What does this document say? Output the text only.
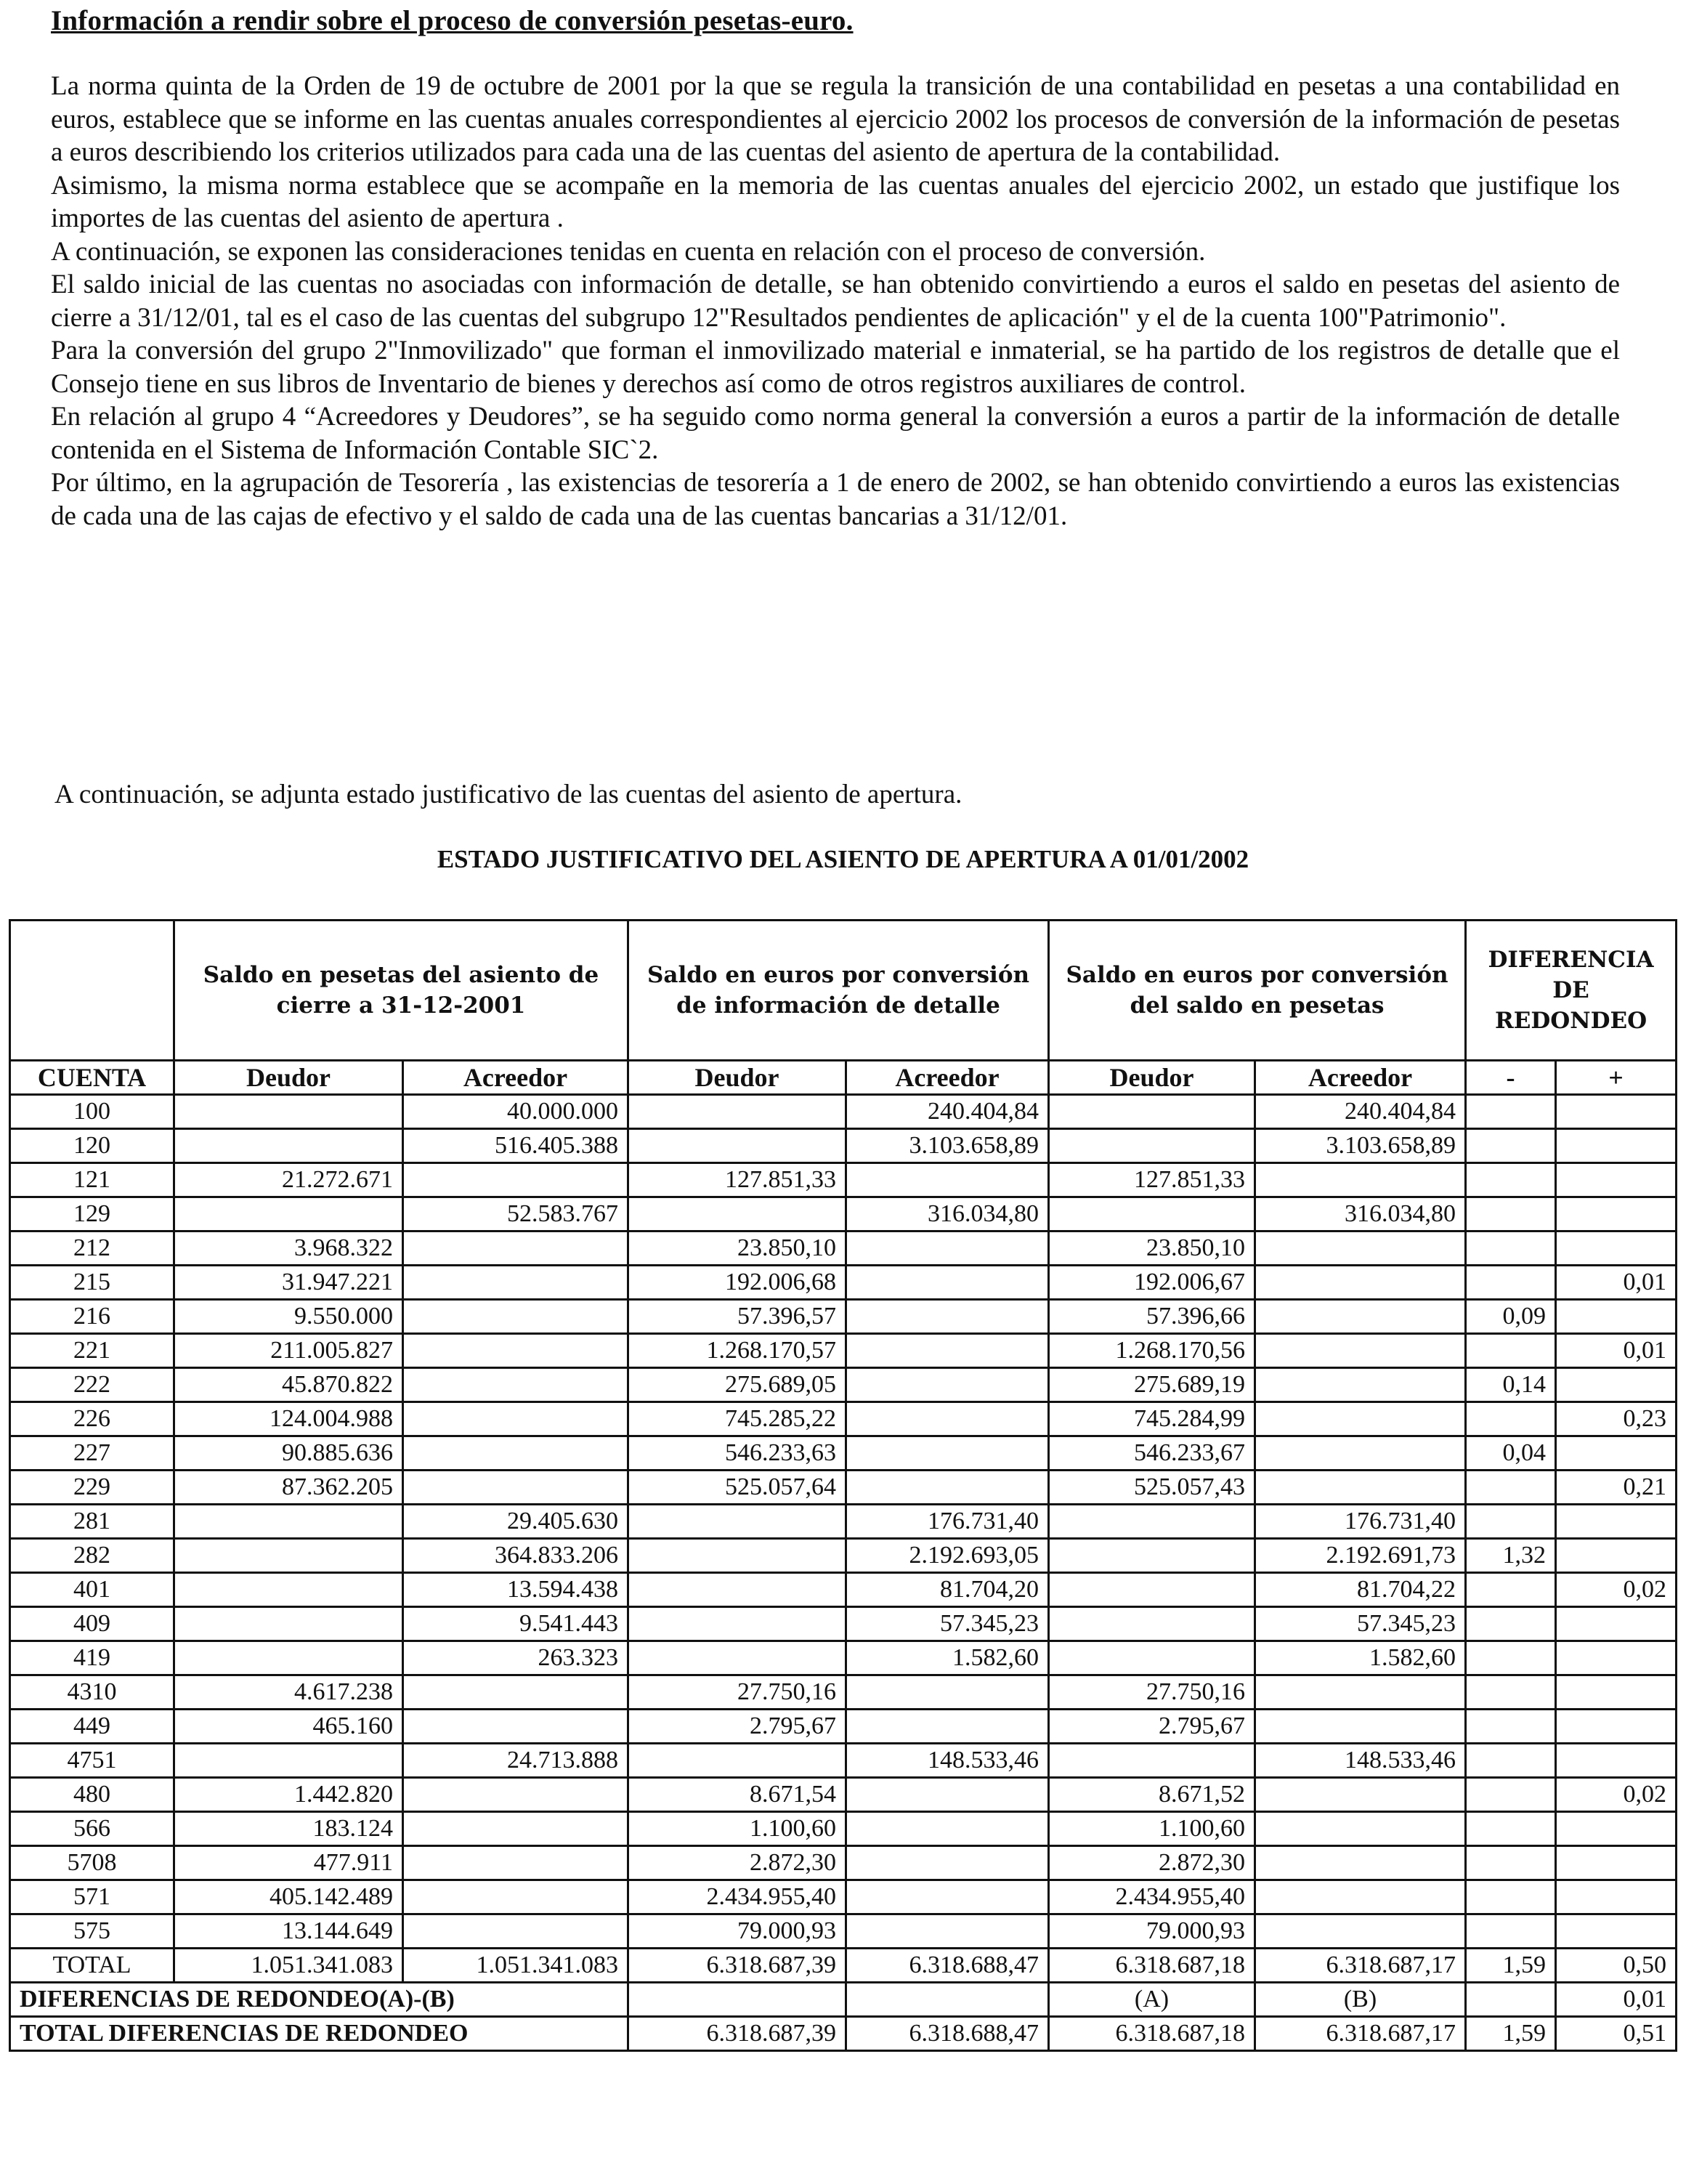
Información a rendir sobre el proceso de conversión pesetas-euro.

La norma quinta de la Orden de 19 de octubre de 2001 por la que se regula la transición de una contabilidad en pesetas a una contabilidad en euros, establece que se informe en las cuentas anuales correspondientes al ejercicio 2002 los procesos de conversión de la información de pesetas a euros describiendo los criterios utilizados para cada una de las cuentas del asiento de apertura de la contabilidad.

Asimismo, la misma norma establece que se acompañe en la memoria de las cuentas anuales del ejercicio 2002, un estado que justifique los importes de las cuentas del asiento de apertura .

A continuación, se exponen las consideraciones tenidas en cuenta en relación con el proceso de conversión.

El saldo inicial de las cuentas no asociadas con información de detalle, se han obtenido convirtiendo a euros el saldo en pesetas del asiento de cierre a 31/12/01, tal es el caso de las cuentas del subgrupo 12"Resultados pendientes de aplicación" y el de la cuenta 100"Patrimonio".

Para la conversión del grupo 2"Inmovilizado" que forman el inmovilizado material e inmaterial, se ha partido de los registros de detalle que el Consejo tiene en sus libros de Inventario de bienes y derechos así como de otros registros auxiliares de control.

En relación al grupo 4 “Acreedores y Deudores”, se ha seguido como norma general la conversión a euros a partir de la información de detalle contenida en el Sistema de Información Contable SIC`2.

Por último, en la agrupación de Tesorería , las existencias de tesorería a 1 de enero de 2002, se han obtenido convirtiendo a euros las existencias de cada una de las cajas de efectivo y el saldo de cada una de las cuentas bancarias a 31/12/01.

A continuación, se adjunta estado justificativo de las cuentas del asiento de apertura.
ESTADO JUSTIFICATIVO DEL ASIENTO DE APERTURA A 01/01/2002
	Saldo en pesetas del asiento de cierre a 31-12-2001		Saldo en euros por conversión de información de detalle		Saldo en euros por conversión del saldo en pesetas		DIFERENCIA DE REDONDEO	
CUENTA	Deudor	Acreedor	Deudor	Acreedor	Deudor	Acreedor	-	+
100		40.000.000		240.404,84		240.404,84		
120		516.405.388		3.103.658,89		3.103.658,89		
121	21.272.671		127.851,33		127.851,33			
129		52.583.767		316.034,80		316.034,80		
212	3.968.322		23.850,10		23.850,10			
215	31.947.221		192.006,68		192.006,67			0,01
216	9.550.000		57.396,57		57.396,66		0,09	
221	211.005.827		1.268.170,57		1.268.170,56			0,01
222	45.870.822		275.689,05		275.689,19		0,14	
226	124.004.988		745.285,22		745.284,99			0,23
227	90.885.636		546.233,63		546.233,67		0,04	
229	87.362.205		525.057,64		525.057,43			0,21
281		29.405.630		176.731,40		176.731,40		
282		364.833.206		2.192.693,05		2.192.691,73	1,32	
401		13.594.438		81.704,20		81.704,22		0,02
409		9.541.443		57.345,23		57.345,23		
419		263.323		1.582,60		1.582,60		
4310	4.617.238		27.750,16		27.750,16			
449	465.160		2.795,67		2.795,67			
4751		24.713.888		148.533,46		148.533,46		
480	1.442.820		8.671,54		8.671,52			0,02
566	183.124		1.100,60		1.100,60			
5708	477.911		2.872,30		2.872,30			
571	405.142.489		2.434.955,40		2.434.955,40			
575	13.144.649		79.000,93		79.000,93			
TOTAL	1.051.341.083	1.051.341.083	6.318.687,39	6.318.688,47	6.318.687,18	6.318.687,17	1,59	0,50
DIFERENCIAS DE REDONDEO(A)-(B)					(A)	(B)		0,01
TOTAL DIFERENCIAS DE REDONDEO			6.318.687,39	6.318.688,47	6.318.687,18	6.318.687,17	1,59	0,51
